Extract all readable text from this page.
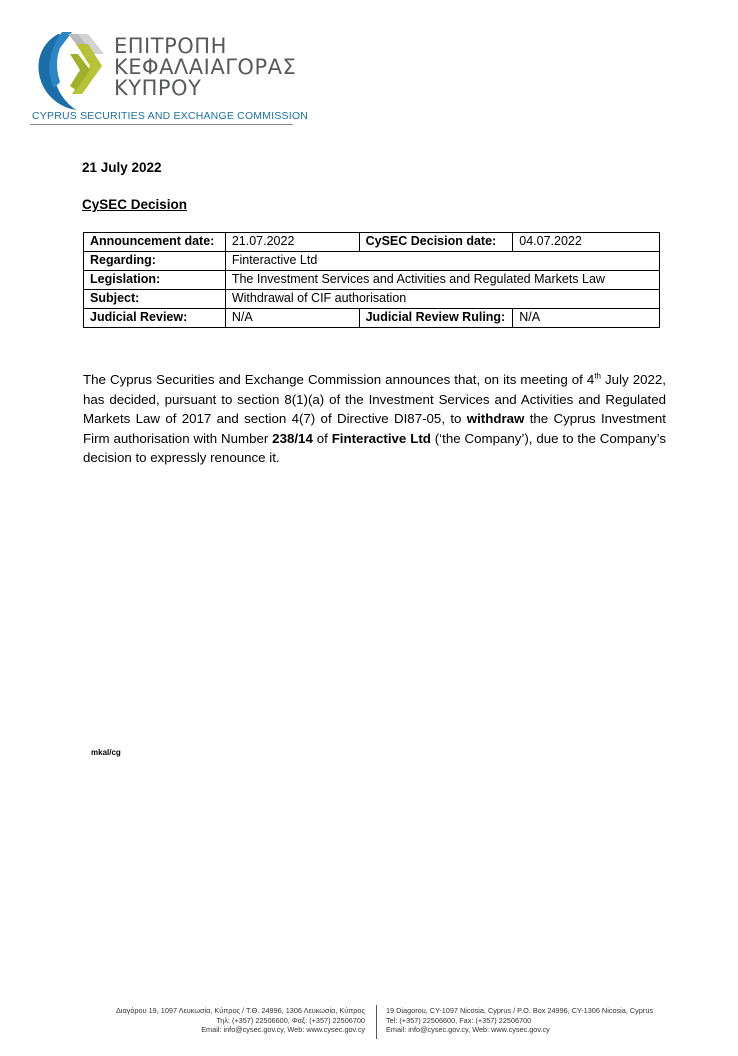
ΕΠΙΤΡΟΠΗ
ΚΕΦΑΛΑΙΑΓΟΡΑΣ
ΚΥΠΡΟΥ
CYPRUS SECURITIES AND EXCHANGE COMMISSION
21 July 2022
CySEC Decision
Announcement date:	21.07.2022	CySEC Decision date:	04.07.2022
Regarding:	Finteractive Ltd		
Legislation:	The Investment Services and Activities and Regulated Markets Law		
Subject:	Withdrawal of CIF authorisation		
Judicial Review:	N/A	Judicial Review Ruling:	N/A

The Cyprus Securities and Exchange Commission announces that, on its meeting of 4th July 2022, has decided, pursuant to section 8(1)(a) of the Investment Services and Activities and Regulated Markets Law of 2017 and section 4(7) of Directive DI87-05, to withdraw the Cyprus Investment Firm authorisation with Number 238/14 of Finteractive Ltd (‘the Company’), due to the Company’s decision to expressly renounce it.

mkal/cg
Διαγόρου 19, 1097 Λευκωσία, Κύπρος / Τ.Θ. 24996, 1306 Λευκωσία, Κύπρος
Τηλ: (+357) 22506600, Φαξ: (+357) 22506700
Email: info@cysec.gov.cy, Web: www.cysec.gov.cy
19 Diagorou, CY-1097 Nicosia, Cyprus / P.O. Box 24996, CY-1306 Nicosia, Cyprus
Tel: (+357) 22506600, Fax: (+357) 22506700
Email: info@cysec.gov.cy, Web: www.cysec.gov.cy
